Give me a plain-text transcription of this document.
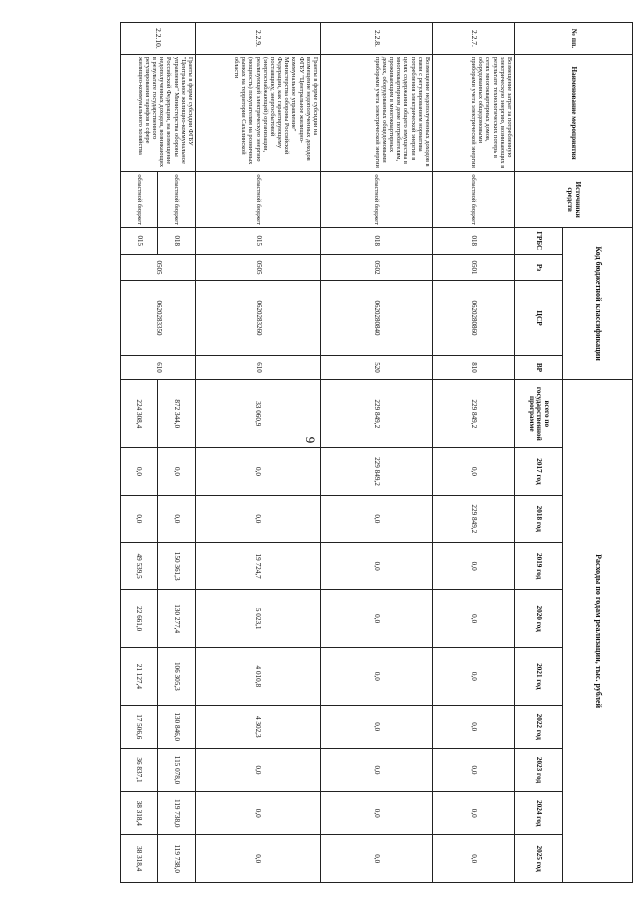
9
№ пп.	Наименование мероприятия	Источники средств	Код бюджетной классификации				Расходы по годам реализации, тыс. рублей									
			ГРБС	Рз	ЦСР	ВР	всего по государственной программе	2017 год	2018 год	2019 год	2020 год	2021 год	2022 год	2023 год	2024 год	2025 год
2.2.7.	Возмещение затрат за потребленную электрическую энергию, возникающих в результате технологических потерь в сетях многоквартирных домов, оборудованных общедомовыми приборами учета электрической энергии	областной бюджет	018	0501	0620280860	810	229 849,2	0,0	229 849,2	0,0	0,0	0,0	0,0	0,0	0,0	0,0
2.2.8.	Возмещение недополученных доходов в связи с регулированием норматива потребления электрической энергии в целях содержания общего имущества в многоквартирном доме потребителям, проживающим в многоквартирных домах, оборудованных общедомовыми приборами учета электрической энергии	областной бюджет	018	0502	0620280840	520	229 849,2	229 849,2	0,0	0,0	0,0	0,0	0,0	0,0	0,0	0,0
2.2.9.	Гранты в форме субсидии на возмещение недополученных доходов ФГБУ "Центральное жилищно-коммунальное управление" Министерства обороны Российской Федерации, как гарантирующему поставщику, энергосбытовой (энергоснабжающей) организации, реализующей электрическую энергию (мощность) покупателям на розничных рынках на территории Сахалинской области	областной бюджет	015	0505	0620283260	610	33 060,9	0,0	0,0	19 724,7	5 023,1	4 010,8	4 302,3	0,0	0,0	0,0
2.2.10.	Гранты в форме субсидии ФГБУ "Центральное жилищно-коммунальное управление" Министерства обороны Российской Федерации, на возмещение недополученных доходов, возникающих в результате государственного регулирования тарифов в сфере жилищно-коммунального хозяйства	областной бюджет	018	0505	0620283350	610	872 344,0	0,0	0,0	150 361,3	130 277,4	106 305,3	130 846,0	115 078,0	119 738,0	119 738,0
		областной бюджет	015				224 308,4	0,0	0,0	49 539,5	22 661,0	21 127,4	17 506,6	36 837,1	38 318,4	38 318,4
